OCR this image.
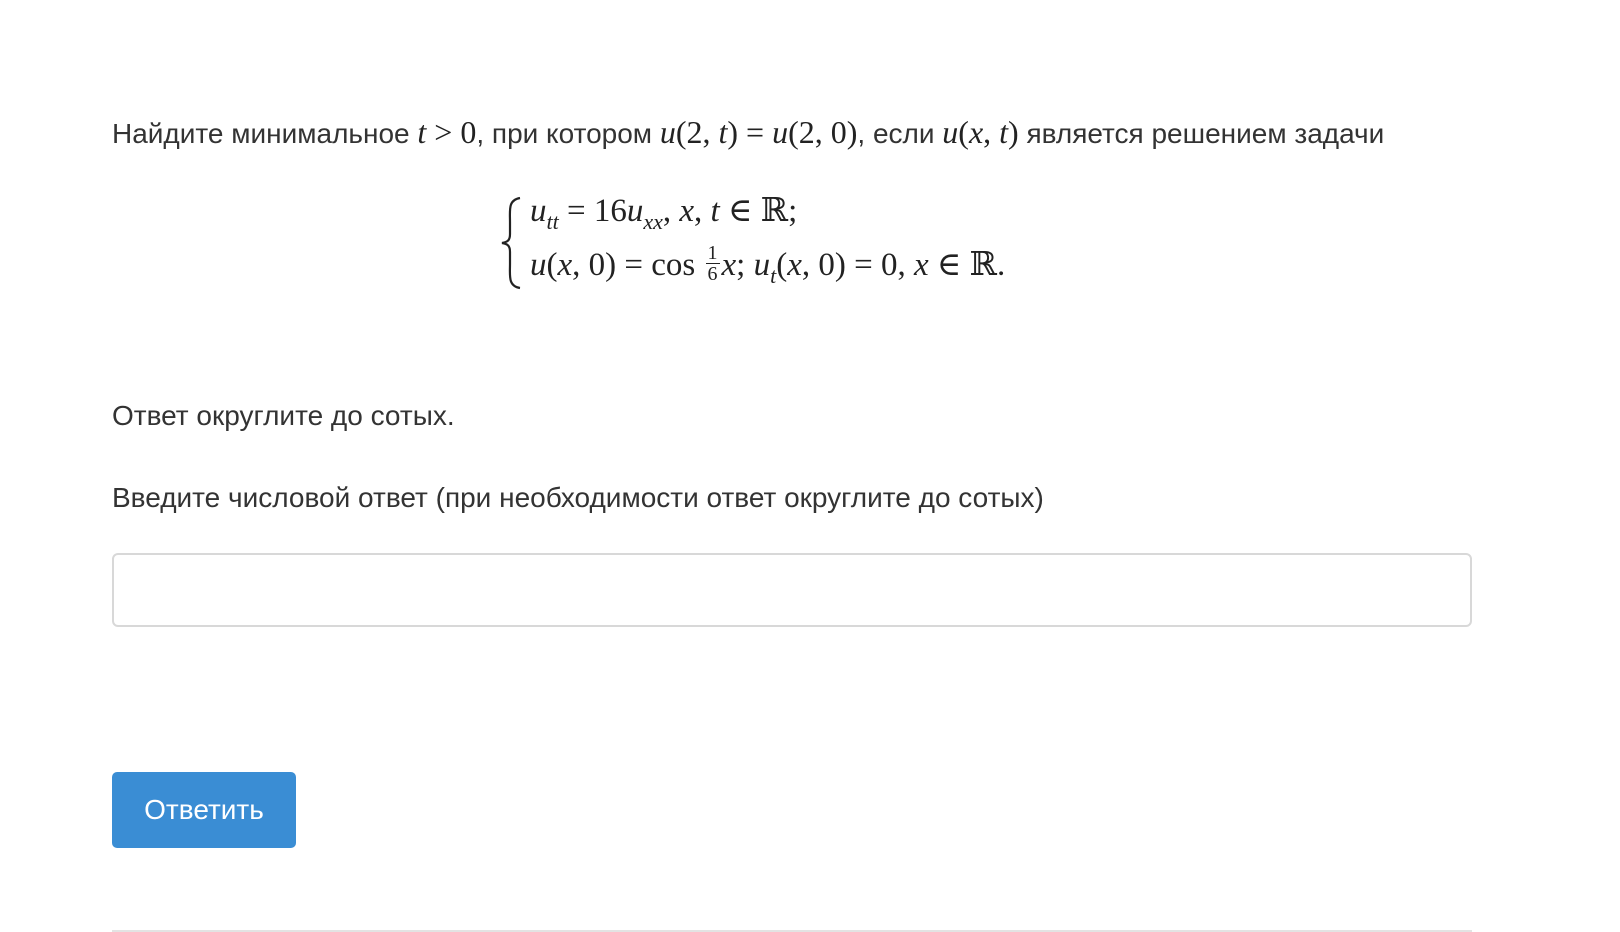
Найдите минимальное t > 0, при котором u(2, t) = u(2, 0), если u(x, t) является решением задачи

$u_{tt} = 16u_{xx}$, x, t ∈ ℝ;
u(x, $0) = \cos \frac{1}{6} x$; $u_t(x$, 0) = 0, x ∈ ℝ.

Ответ округлите до сотых.

Введите числовой ответ (при необходимости ответ округлите до сотых)

Ответить
